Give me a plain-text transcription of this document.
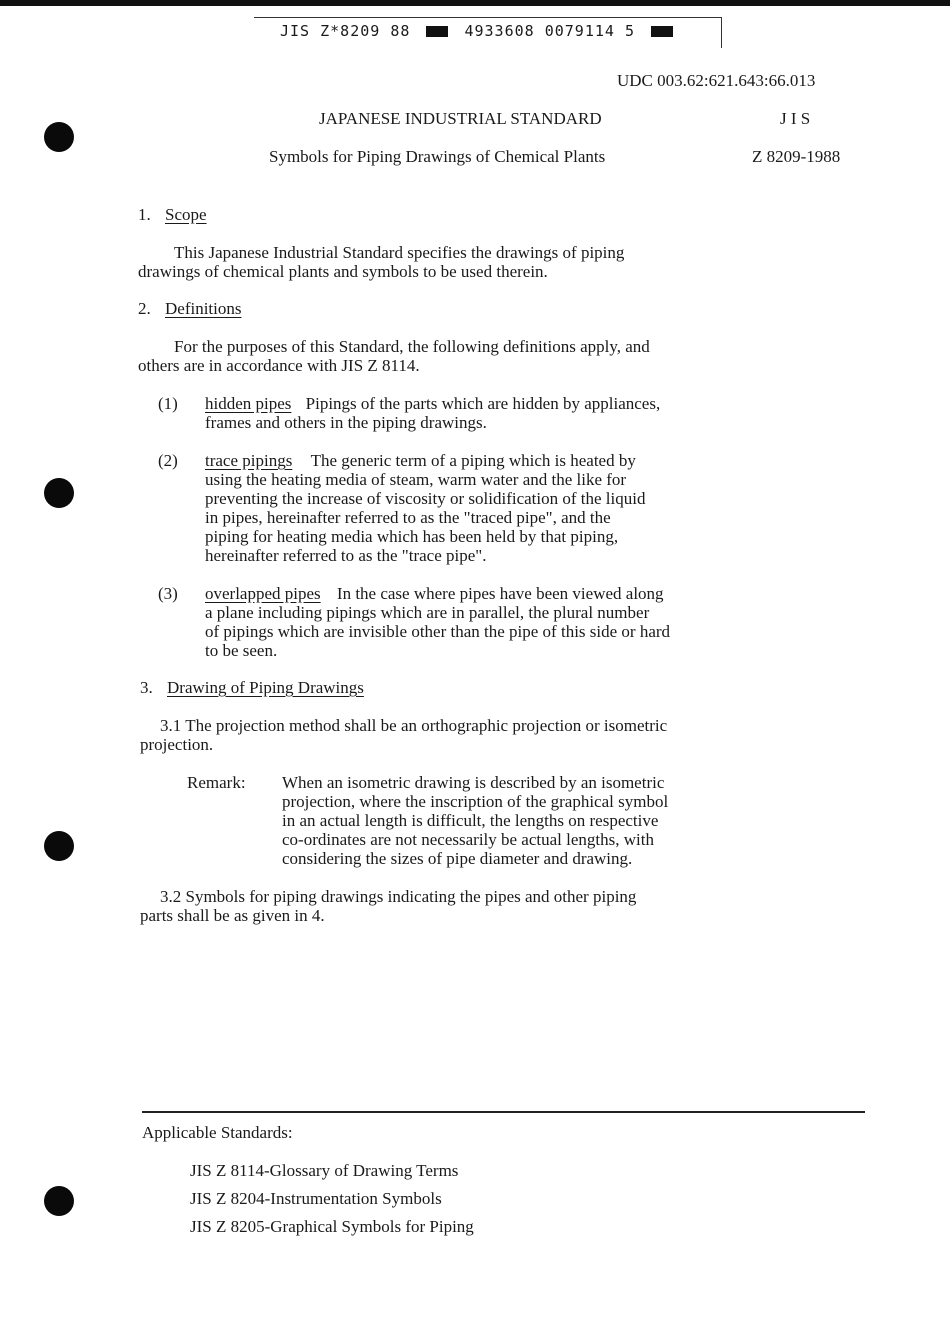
JIS Z*8209 88	4933608 0079114 5
UDC 003.62:621.643:66.013
JAPANESE INDUSTRIAL STANDARD	J I S
Symbols for Piping Drawings of Chemical Plants	Z 8209-1988
1. Scope
This Japanese Industrial Standard specifies the drawings of piping
drawings of chemical plants and symbols to be used therein.
2. Definitions
For the purposes of this Standard, the following definitions apply, and
others are in accordance with JIS Z 8114.
(1) hidden pipes Pipings of the parts which are hidden by appliances,
frames and others in the piping drawings.
(2) trace pipings The generic term of a piping which is heated by
using the heating media of steam, warm water and the like for
preventing the increase of viscosity or solidification of the liquid
in pipes, hereinafter referred to as the "traced pipe", and the
piping for heating media which has been held by that piping,
hereinafter referred to as the "trace pipe".
(3) overlapped pipes In the case where pipes have been viewed along
a plane including pipings which are in parallel, the plural number
of pipings which are invisible other than the pipe of this side or hard
to be seen.
3. Drawing of Piping Drawings
3.1 The projection method shall be an orthographic projection or isometric
projection.
Remark: When an isometric drawing is described by an isometric
projection, where the inscription of the graphical symbol
in an actual length is difficult, the lengths on respective
co-ordinates are not necessarily be actual lengths, with
considering the sizes of pipe diameter and drawing.
3.2 Symbols for piping drawings indicating the pipes and other piping
parts shall be as given in 4.
Applicable Standards:
JIS Z 8114-Glossary of Drawing Terms
JIS Z 8204-Instrumentation Symbols
JIS Z 8205-Graphical Symbols for Piping
